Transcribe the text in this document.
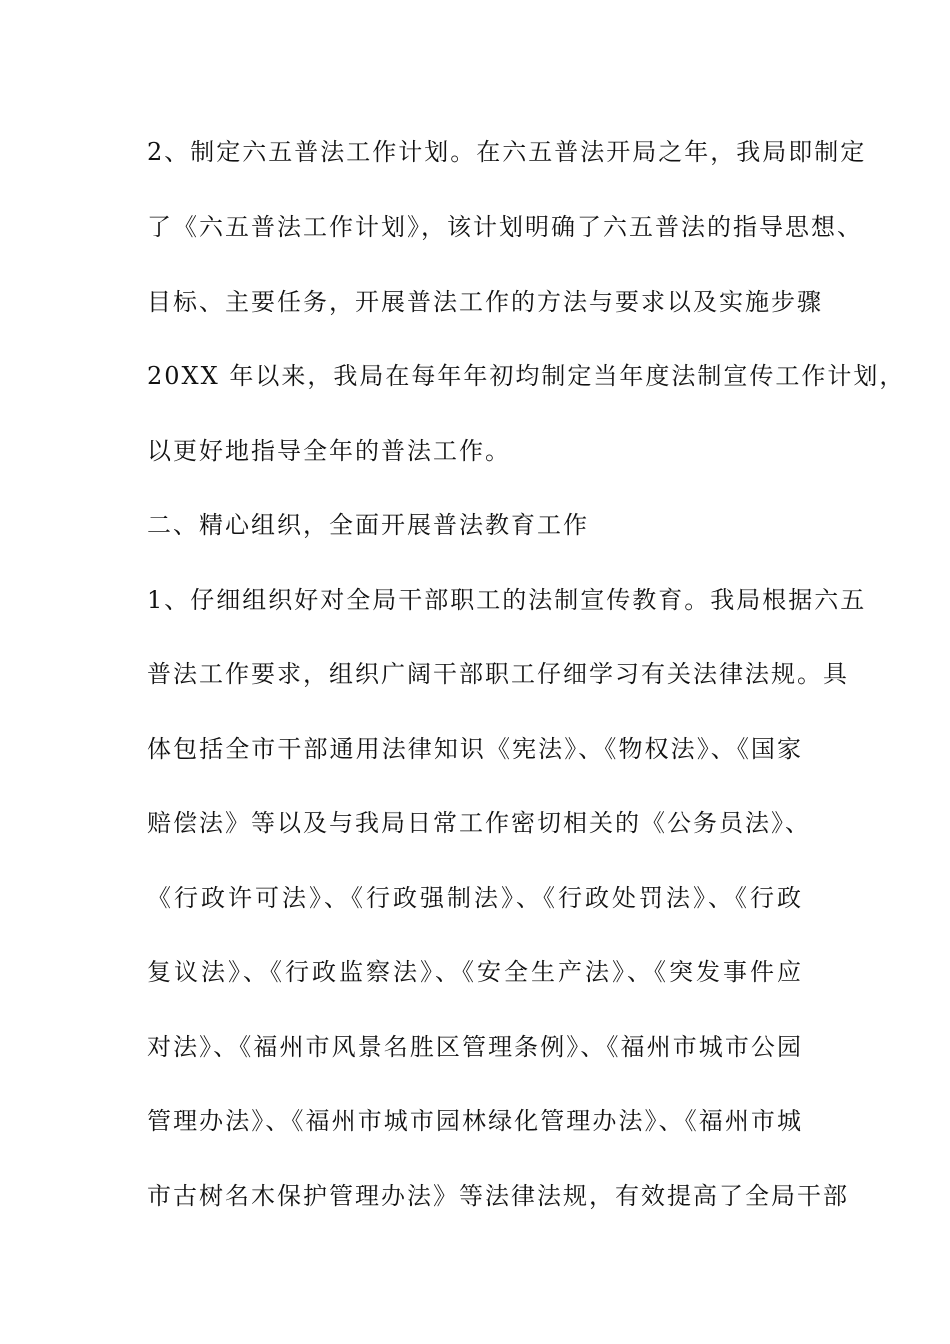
2、制定六五普法工作计划。在六五普法开局之年，我局即制定
了《六五普法工作计划》，该计划明确了六五普法的指导思想、
目标、主要任务，开展普法工作的方法与要求以及实施步骤
20XX 年以来，我局在每年年初均制定当年度法制宣传工作计划，
以更好地指导全年的普法工作。
二、精心组织，全面开展普法教育工作
1、仔细组织好对全局干部职工的法制宣传教育。我局根据六五
普法工作要求，组织广阔干部职工仔细学习有关法律法规。具
体包括全市干部通用法律知识《宪法》、《物权法》、《国家
赔偿法》等以及与我局日常工作密切相关的《公务员法》、
《行政许可法》、《行政强制法》、《行政处罚法》、《行政
复议法》、《行政监察法》、《安全生产法》、《突发事件应
对法》、《福州市风景名胜区管理条例》、《福州市城市公园
管理办法》、《福州市城市园林绿化管理办法》、《福州市城
市古树名木保护管理办法》等法律法规，有效提高了全局干部
